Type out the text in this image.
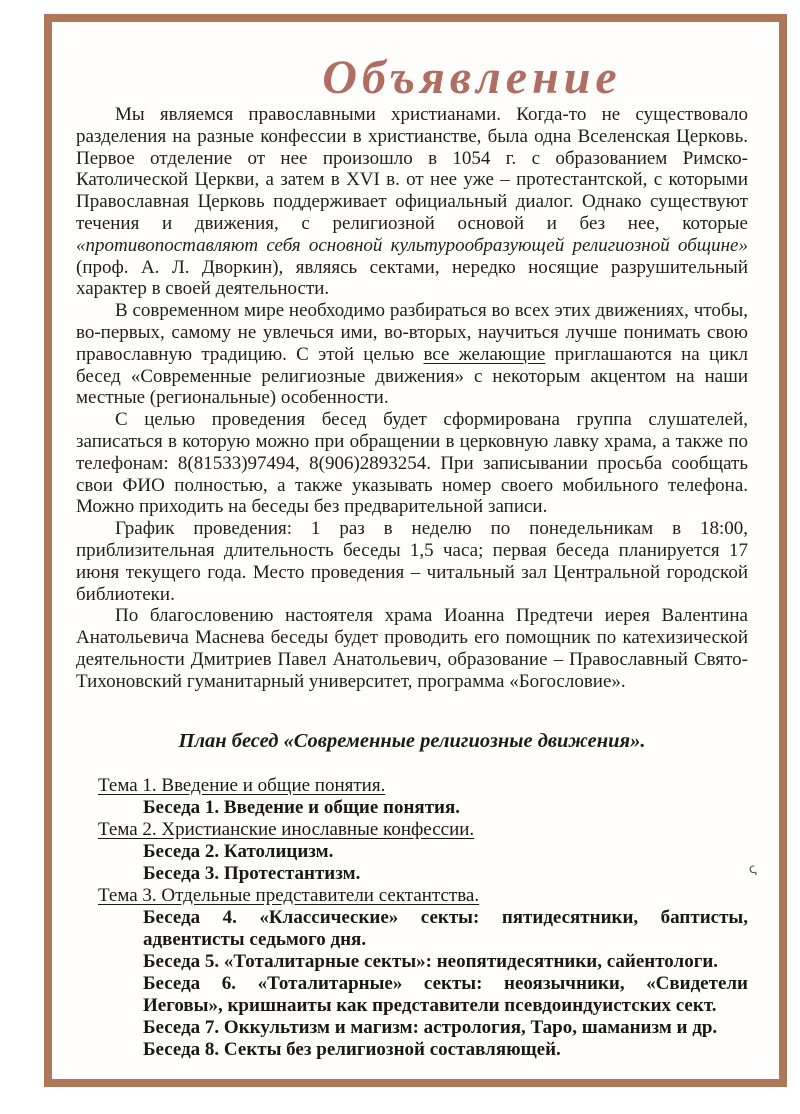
Объявление

Мы являемся православными христианами. Когда-то не существовало разделения на разные конфессии в христианстве, была одна Вселенская Церковь. Первое отделение от нее произошло в 1054 г. с образованием Римско-Католической Церкви, а затем в XVI в. от нее уже – протестантской, с которыми Православная Церковь поддерживает официальный диалог. Однако существуют течения и движения, с религиозной основой и без нее, которые «противопоставляют себя основной культурообразующей религиозной общине» (проф. А. Л. Дворкин), являясь сектами, нередко носящие разрушительный характер в своей деятельности.

В современном мире необходимо разбираться во всех этих движениях, чтобы, во-первых, самому не увлечься ими, во-вторых, научиться лучше понимать свою православную традицию. С этой целью все желающие приглашаются на цикл бесед «Современные религиозные движения» с некоторым акцентом на наши местные (региональные) особенности.

С целью проведения бесед будет сформирована группа слушателей, записаться в которую можно при обращении в церковную лавку храма, а также по телефонам: 8(81533)97494, 8(906)2893254. При записывании просьба сообщать свои ФИО полностью, а также указывать номер своего мобильного телефона. Можно приходить на беседы без предварительной записи.

График проведения: 1 раз в неделю по понедельникам в 18:00, приблизительная длительность беседы 1,5 часа; первая беседа планируется 17 июня текущего года. Место проведения – читальный зал Центральной городской библиотеки.

По благословению настоятеля храма Иоанна Предтечи иерея Валентина Анатольевича Маснева беседы будет проводить его помощник по катехизической деятельности Дмитриев Павел Анатольевич, образование – Православный Свято-Тихоновский гуманитарный университет, программа «Богословие».

План бесед «Современные религиозные движения».
Тема 1. Введение и общие понятия.
Беседа 1. Введение и общие понятия.
Тема 2. Христианские инославные конфессии.
Беседа 2. Католицизм.
Беседа 3. Протестантизм.
Тема 3. Отдельные представители сектантства.
Беседа 4. «Классические» секты: пятидесятники, баптисты, адвентисты седьмого дня.
Беседа 5. «Тоталитарные секты»: неопятидесятники, сайентологи.
Беседа 6. «Тоталитарные» секты: неоязычники, «Свидетели Иеговы», кришнаиты как представители псевдоиндуистских сект.
Беседа 7. Оккультизм и магизм: астрология, Таро, шаманизм и др.
Беседа 8. Секты без религиозной составляющей.
ς
